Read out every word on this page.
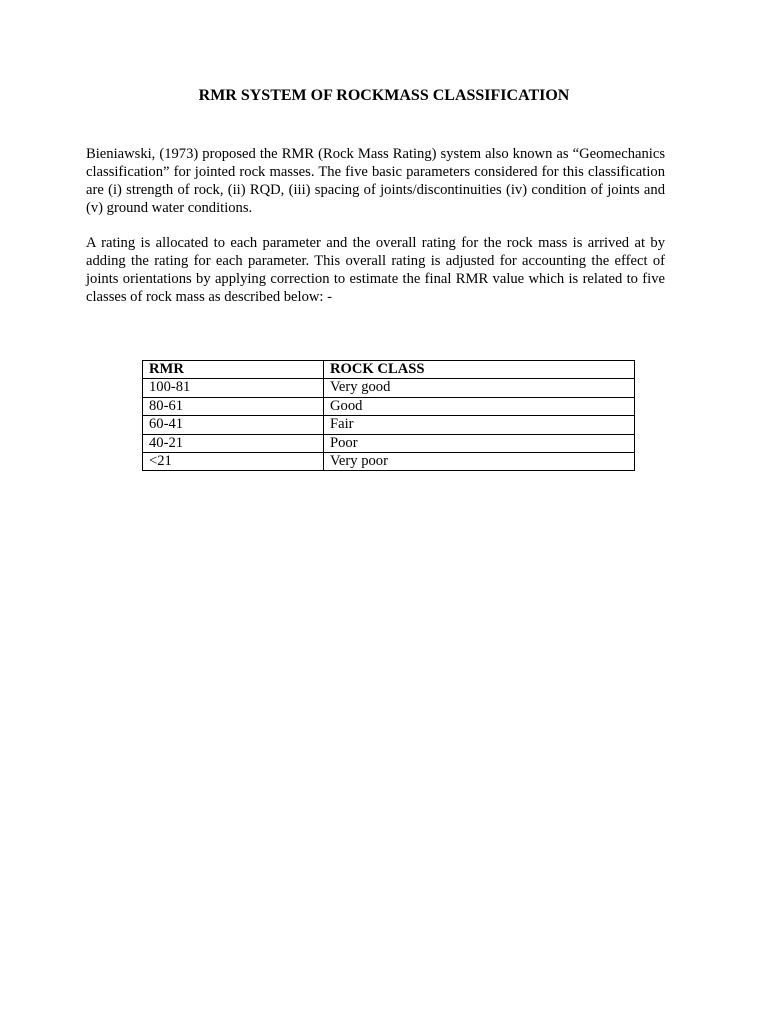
RMR SYSTEM OF ROCKMASS CLASSIFICATION

Bieniawski, (1973) proposed the RMR (Rock Mass Rating) system also known as “Geomechanics classification” for jointed rock masses. The five basic parameters considered for this classification are (i) strength of rock, (ii) RQD, (iii) spacing of joints/discontinuities (iv) condition of joints and (v) ground water conditions.

A rating is allocated to each parameter and the overall rating for the rock mass is arrived at by adding the rating for each parameter. This overall rating is adjusted for accounting the effect of joints orientations by applying correction to estimate the final RMR value which is related to five classes of rock mass as described below: -

RMR	ROCK CLASS
100-81	Very good
80-61	Good
60-41	Fair
40-21	Poor
<21	Very poor
